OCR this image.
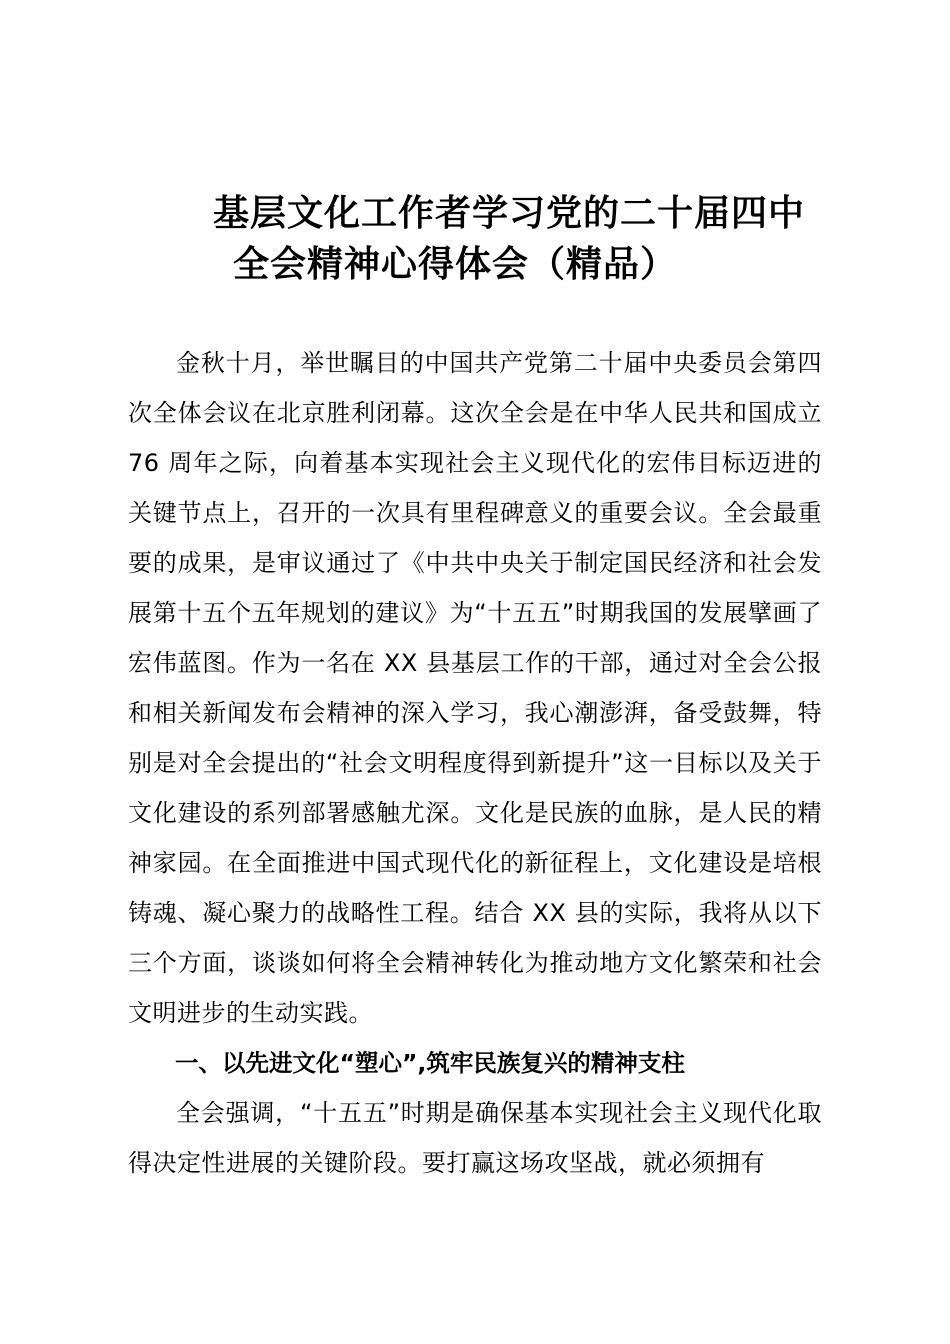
基层文化工作者学习党的二十届四中
全会精神心得体会（精品）

金秋十月，举世瞩目的中国共产党第二十届中央委员会第四次全体会议在北京胜利闭幕。这次全会是在中华人民共和国成立 76 周年之际，向着基本实现社会主义现代化的宏伟目标迈进的关键节点上，召开的一次具有里程碑意义的重要会议。全会最重要的成果，是审议通过了《中共中央关于制定国民经济和社会发展第十五个五年规划的建议》为“十五五”时期我国的发展擘画了宏伟蓝图。作为一名在 XX 县基层工作的干部，通过对全会公报和相关新闻发布会精神的深入学习，我心潮澎湃，备受鼓舞，特别是对全会提出的“社会文明程度得到新提升”这一目标以及关于文化建设的系列部署感触尤深。文化是民族的血脉，是人民的精神家园。在全面推进中国式现代化的新征程上，文化建设是培根铸魂、凝心聚力的战略性工程。结合 XX 县的实际，我将从以下三个方面，谈谈如何将全会精神转化为推动地方文化繁荣和社会文明进步的生动实践。

一、以先进文化“塑心”,筑牢民族复兴的精神支柱

全会强调，“十五五”时期是确保基本实现社会主义现代化取得决定性进展的关键阶段。要打赢这场攻坚战，就必须拥有
